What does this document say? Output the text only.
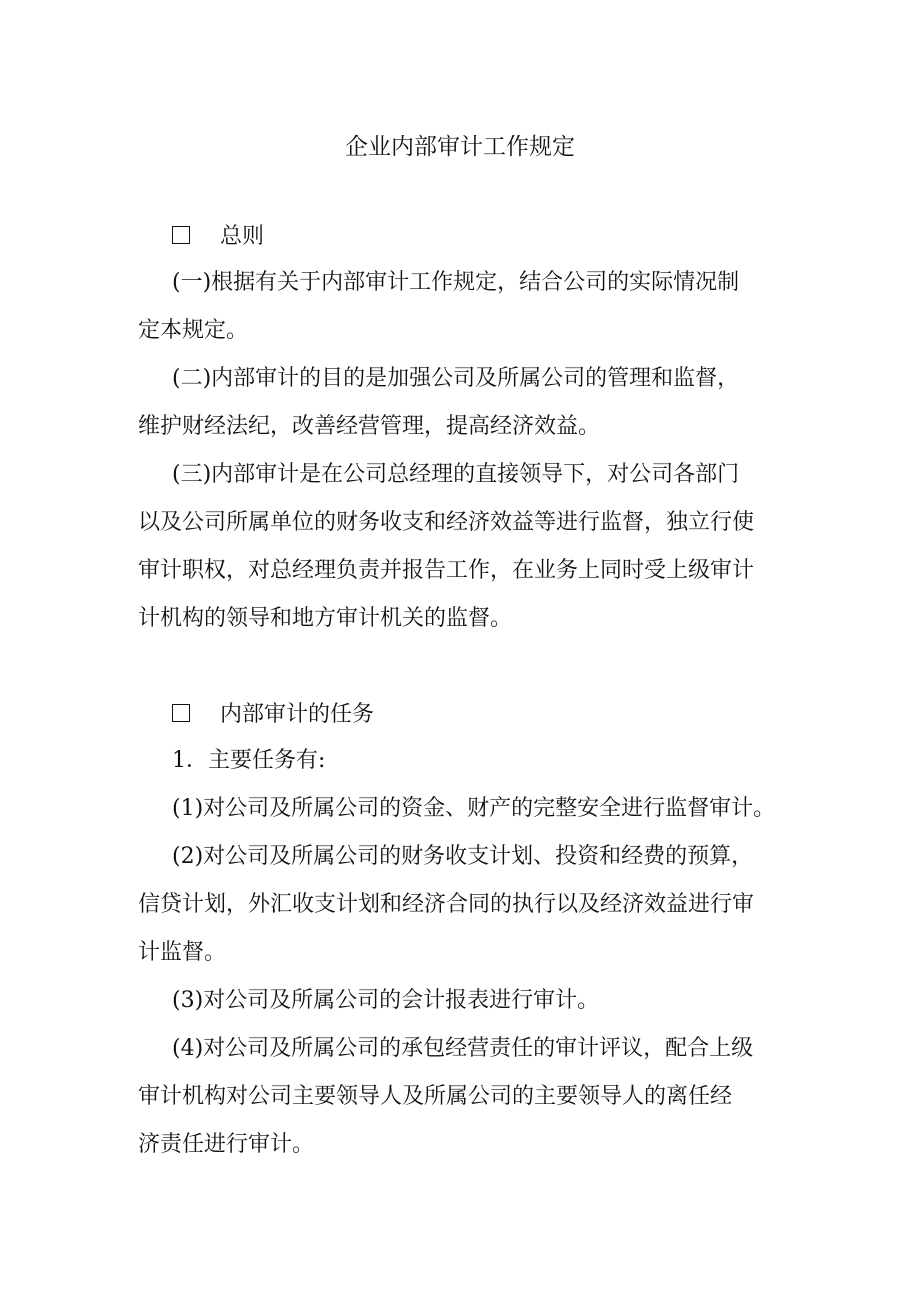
企业内部审计工作规定
总则
(一)根据有关于内部审计工作规定，结合公司的实际情况制
定本规定。
(二)内部审计的目的是加强公司及所属公司的管理和监督，
维护财经法纪，改善经营管理，提高经济效益。
(三)内部审计是在公司总经理的直接领导下，对公司各部门
以及公司所属单位的财务收支和经济效益等进行监督，独立行使
审计职权，对总经理负责并报告工作，在业务上同时受上级审计
计机构的领导和地方审计机关的监督。
内部审计的任务
1．主要任务有:
(1)对公司及所属公司的资金、财产的完整安全进行监督审计。
(2)对公司及所属公司的财务收支计划、投资和经费的预算，
信贷计划，外汇收支计划和经济合同的执行以及经济效益进行审
计监督。
(3)对公司及所属公司的会计报表进行审计。
(4)对公司及所属公司的承包经营责任的审计评议，配合上级
审计机构对公司主要领导人及所属公司的主要领导人的离任经
济责任进行审计。
